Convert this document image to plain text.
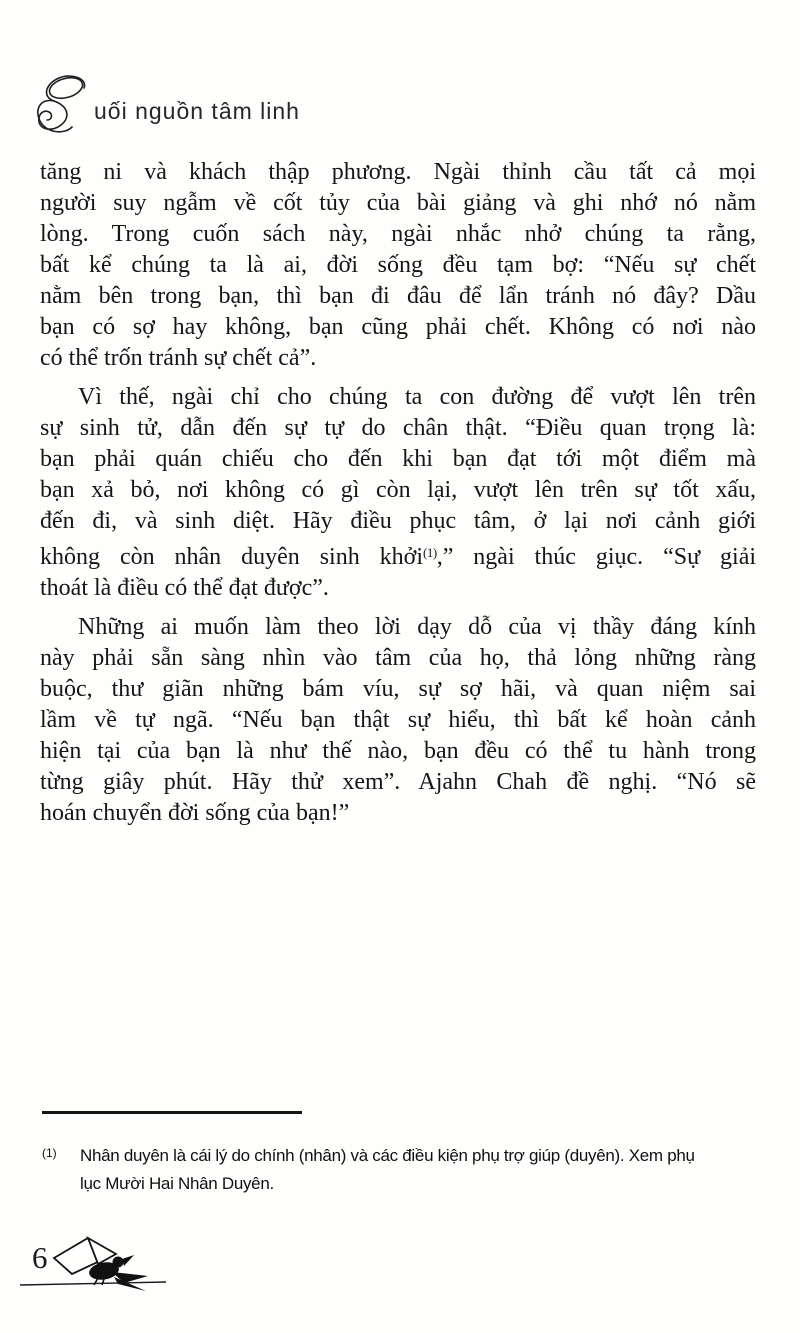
uối nguồn tâm linh
tăng ni và khách thập phương. Ngài thỉnh cầu tất cả mọi
người suy ngẫm về cốt tủy của bài giảng và ghi nhớ nó nằm
lòng. Trong cuốn sách này, ngài nhắc nhở chúng ta rằng,
bất kể chúng ta là ai, đời sống đều tạm bợ: “Nếu sự chết
nằm bên trong bạn, thì bạn đi đâu để lẩn tránh nó đây? Dầu
bạn có sợ hay không, bạn cũng phải chết. Không có nơi nào
có thể trốn tránh sự chết cả”.
Vì thế, ngài chỉ cho chúng ta con đường để vượt lên trên
sự sinh tử, dẫn đến sự tự do chân thật. “Điều quan trọng là:
bạn phải quán chiếu cho đến khi bạn đạt tới một điểm mà
bạn xả bỏ, nơi không có gì còn lại, vượt lên trên sự tốt xấu,
đến đi, và sinh diệt. Hãy điều phục tâm, ở lại nơi cảnh giới
không còn nhân duyên sinh khởi$^{(1)}$,” ngài thúc giục. “Sự giải
thoát là điều có thể đạt được”.
Những ai muốn làm theo lời dạy dỗ của vị thầy đáng kính
này phải sẵn sàng nhìn vào tâm của họ, thả lỏng những ràng
buộc, thư giãn những bám víu, sự sợ hãi, và quan niệm sai
lầm về tự ngã. “Nếu bạn thật sự hiểu, thì bất kể hoàn cảnh
hiện tại của bạn là như thế nào, bạn đều có thể tu hành trong
từng giây phút. Hãy thử xem”. Ajahn Chah đề nghị. “Nó sẽ
hoán chuyển đời sống của bạn!”
(1) Nhân duyên là cái lý do chính (nhân) và các điều kiện phụ trợ giúp (duyên). Xem phụ
lục Mười Hai Nhân Duyên.
6
